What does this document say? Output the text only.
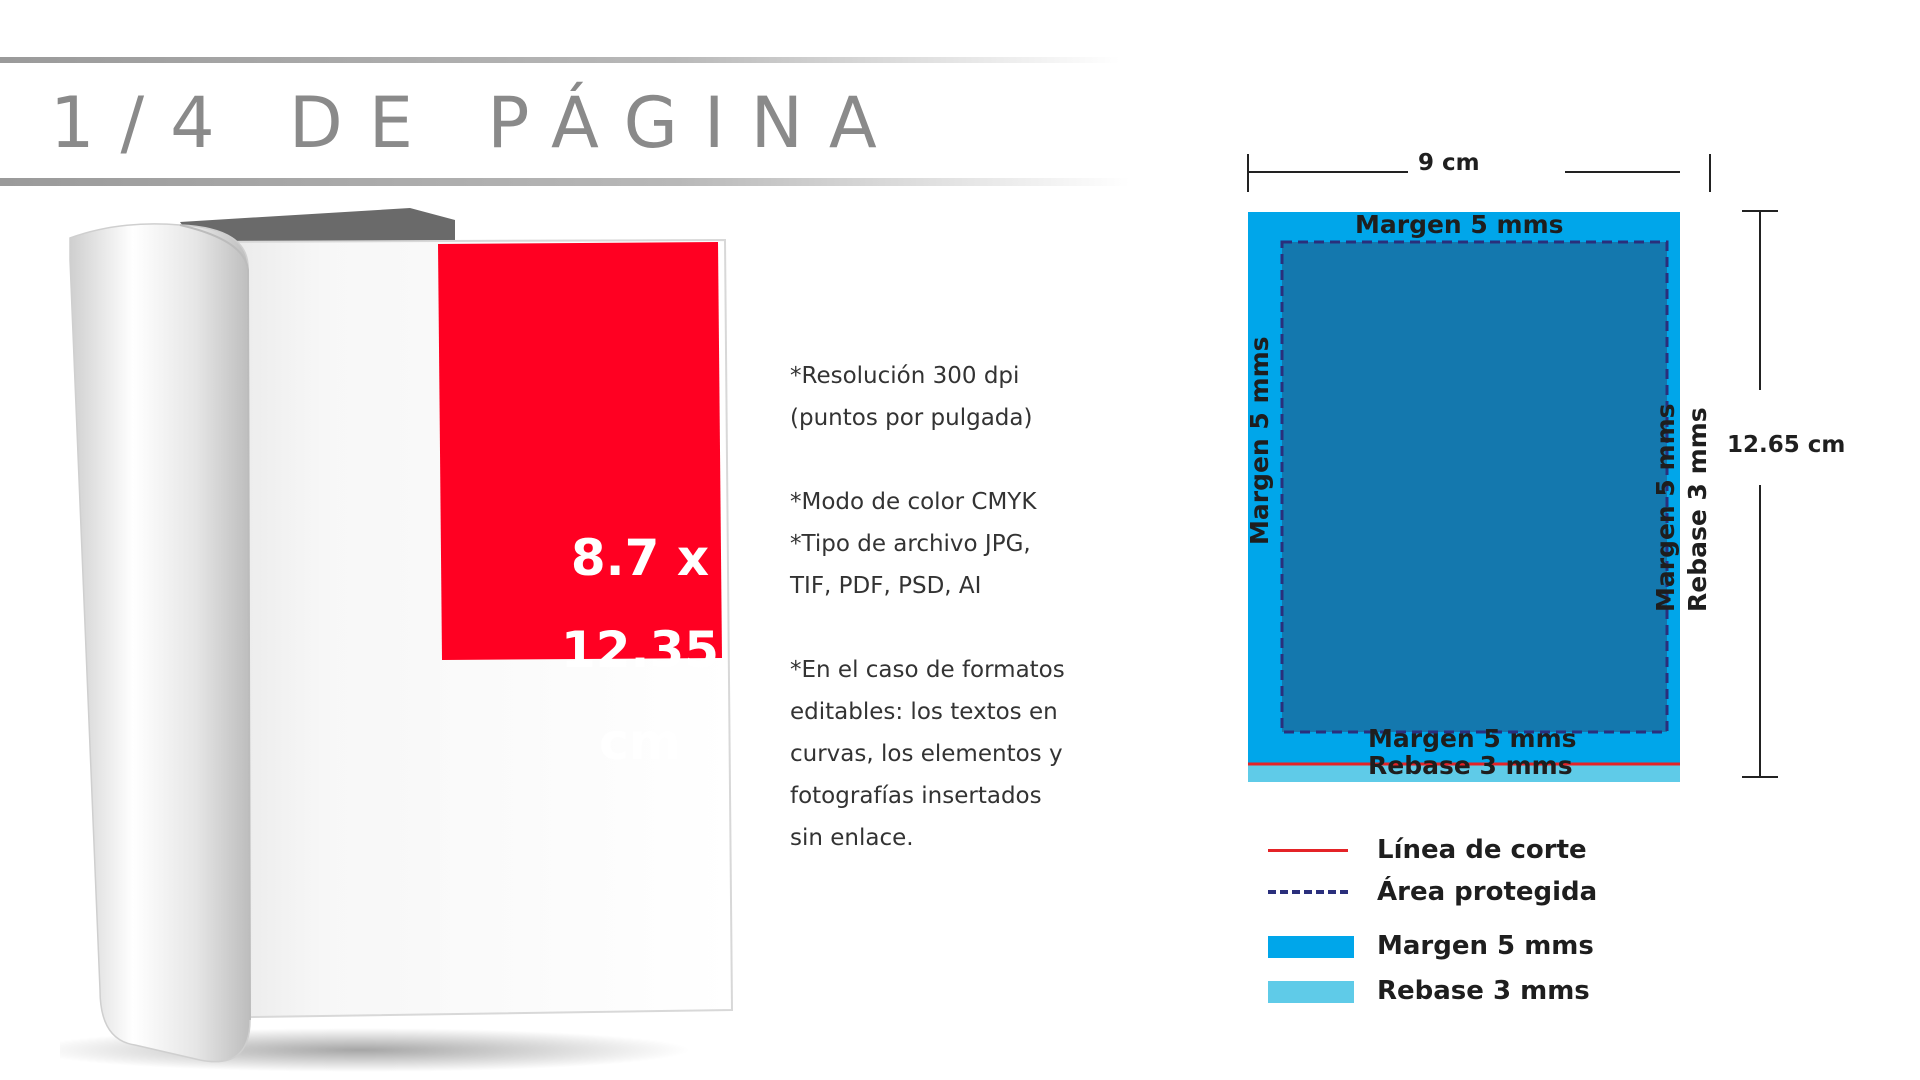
1/4 DE PÁGINA
8.7 x
12.35
cm

*Resolución 300 dpi

(puntos por pulgada)

*Modo de color CMYK

*Tipo de archivo JPG,

TIF, PDF, PSD, AI

*En el caso de formatos

editables: los textos en

curvas, los elementos y

fotografías insertados

sin enlace.

9 cm
12.65 cm
Margen 5 mms
Margen 5 mms	Margen 5 mms Rebase 3 mms
Margen 5 mms
Rebase 3 mms
Línea de corte
Área protegida
Margen 5 mms
Rebase 3 mms
